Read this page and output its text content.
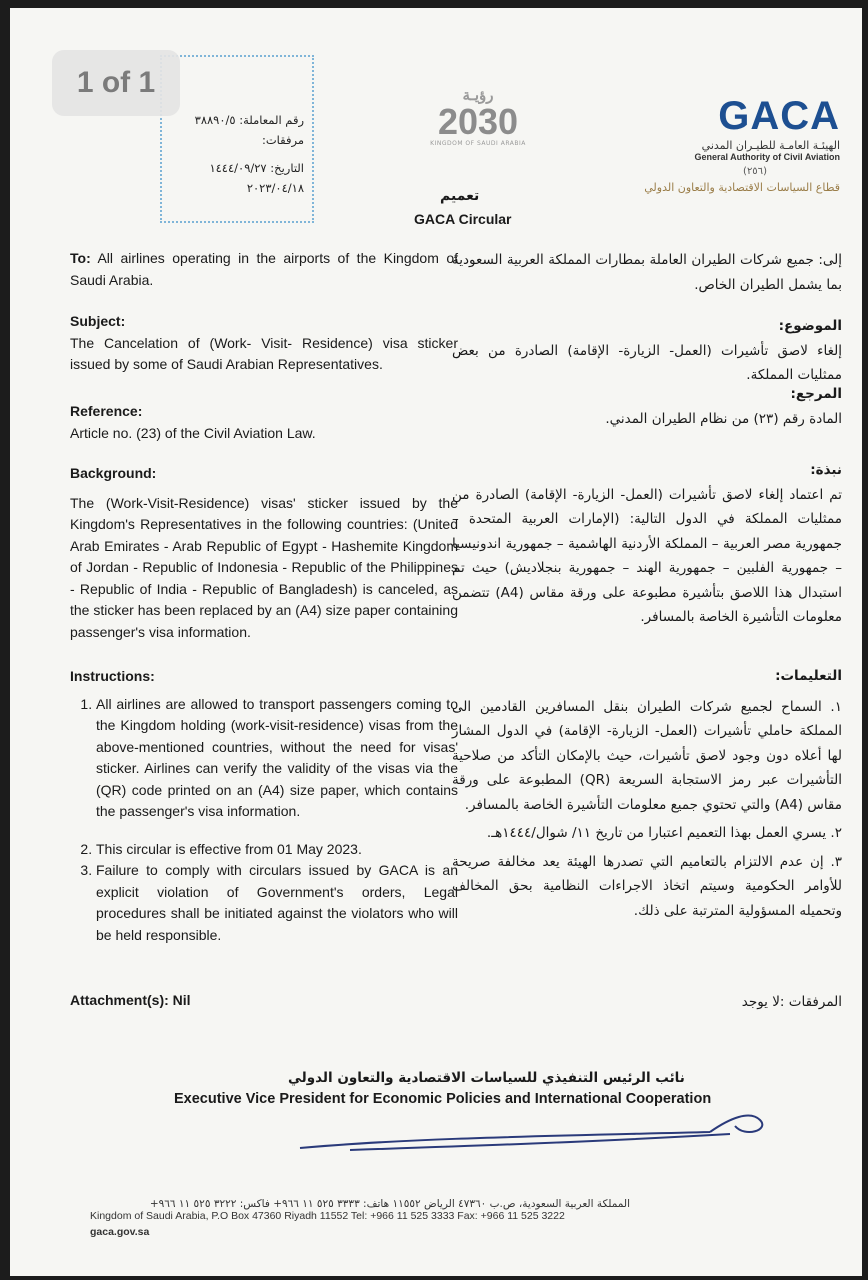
1 of 1
رقم المعاملة: ٣٨٨٩٠/٥
مرفقات:
التاريخ: ١٤٤٤/٠٩/٢٧
٢٠٢٣/٠٤/١٨
رؤيـة
2030
KINGDOM OF SAUDI ARABIA
تعميم
GACA Circular
GACA
الهيئـة العامـة للطيـران المدني
General Authority of Civil Aviation
(٢٥٦)
قطاع السياسات الاقتصادية والتعاون الدولي
To: All airlines operating in the airports of the Kingdom of Saudi Arabia.
Subject:
The Cancelation of (Work- Visit- Residence) visa sticker issued by some of Saudi Arabian Representatives.
Reference:
Article no. (23) of the Civil Aviation Law.
Background:
The (Work-Visit-Residence) visas' sticker issued by the Kingdom's Representatives in the following countries: (United Arab Emirates - Arab Republic of Egypt - Hashemite Kingdom of Jordan - Republic of Indonesia - Republic of the Philippines - Republic of India - Republic of Bangladesh) is canceled, as the sticker has been replaced by an (A4) size paper containing passenger's visa information.
Instructions:
1. All airlines are allowed to transport passengers coming to the Kingdom holding (work-visit-residence) visas from the above-mentioned countries, without the need for visas' sticker. Airlines can verify the validity of the visas via the (QR) code printed on an (A4) size paper, which contains the passenger's visa information.
2. This circular is effective from 01 May 2023.
3. Failure to comply with circulars issued by GACA is an explicit violation of Government's orders, Legal procedures shall be initiated against the violators who will be held responsible.
Attachment(s): Nil
إلى: جميع شركات الطيران العاملة بمطارات المملكة العربية السعودية بما يشمل الطيران الخاص.
الموضوع:
إلغاء لاصق تأشيرات (العمل- الزيارة- الإقامة) الصادرة من بعض ممثليات المملكة.
المرجع:
المادة رقم (٢٣) من نظام الطيران المدني.
نبذة:
تم اعتماد إلغاء لاصق تأشيرات (العمل- الزيارة- الإقامة) الصادرة من ممثليات المملكة في الدول التالية: (الإمارات العربية المتحدة – جمهورية مصر العربية – المملكة الأردنية الهاشمية – جمهورية اندونيسيا – جمهورية الفلبين – جمهورية الهند – جمهورية بنجلاديش) حيث تم استبدال هذا اللاصق بتأشيرة مطبوعة على ورقة مقاس (A4) تتضمن معلومات التأشيرة الخاصة بالمسافر.
التعليمات:
١. السماح لجميع شركات الطيران بنقل المسافرين القادمين الى المملكة حاملي تأشيرات (العمل- الزيارة- الإقامة) في الدول المشار لها أعلاه دون وجود لاصق تأشيرات، حيث بالإمكان التأكد من صلاحية التأشيرات عبر رمز الاستجابة السريعة (QR) المطبوعة على ورقة مقاس (A4) والتي تحتوي جميع معلومات التأشيرة الخاصة بالمسافر.
٢. يسري العمل بهذا التعميم اعتبارا من تاريخ ١١/ شوال/١٤٤٤هـ.
٣. إن عدم الالتزام بالتعاميم التي تصدرها الهيئة يعد مخالفة صريحة للأوامر الحكومية وسيتم اتخاذ الاجراءات النظامية بحق المخالف وتحميله المسؤولية المترتبة على ذلك.
المرفقات :لا يوجد
نائب الرئيس التنفيذي للسياسات الاقتصادية والتعاون الدولي
Executive Vice President for Economic Policies and International Cooperation
المملكة العربية السعودية، ص.ب ٤٧٣٦٠ الرياض ١١٥٥٢ هاتف: ٣٣٣٣ ٥٢٥ ١١ ٩٦٦+ فاكس: ٣٢٢٢ ٥٢٥ ١١ ٩٦٦+
Kingdom of Saudi Arabia, P.O Box 47360 Riyadh 11552 Tel: +966 11 525 3333 Fax: +966 11 525 3222
gaca.gov.sa
